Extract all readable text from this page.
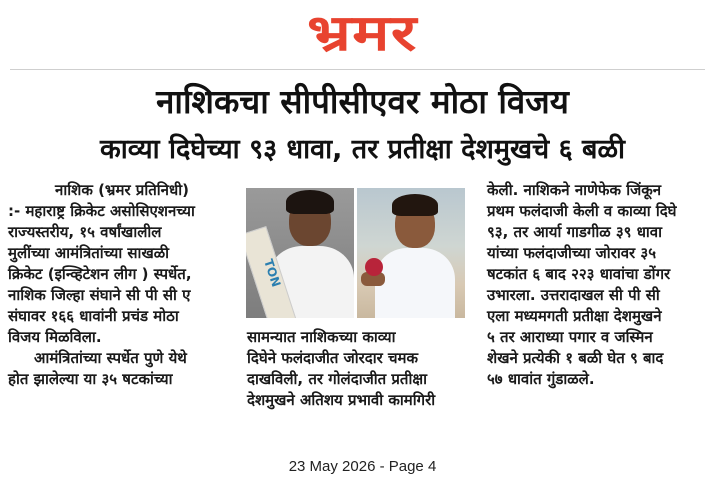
भ्रमर
नाशिकचा सीपीसीएवर मोठा विजय
काव्या दिघेच्या ९३ धावा, तर प्रतीक्षा देशमुखचे ६ बळी

नाशिक (भ्रमर प्रतिनिधी)

:- महाराष्ट्र क्रिकेट असोसिएशनच्या

राज्यस्तरीय, १५ वर्षांखालील

मुलींच्या आमंत्रितांच्या साखळी

क्रिकेट (इन्व्हिटेशन लीग ) स्पर्धेत,

नाशिक जिल्हा संघाने सी पी सी ए

संघावर १६६ धावांनी प्रचंड मोठा

विजय मिळविला.

आमंत्रितांच्या स्पर्धेत पुणे येथे

होत झालेल्या या ३५ षटकांच्या

TON

सामन्यात नाशिकच्या काव्या

दिघेने फलंदाजीत जोरदार चमक

दाखविली, तर गोलंदाजीत प्रतीक्षा

देशमुखने अतिशय प्रभावी कामगिरी

केली. नाशिकने नाणेफेक जिंकून

प्रथम फलंदाजी केली व काव्या दिघे

९३, तर आर्या गाडगीळ ३९ धावा

यांच्या फलंदाजीच्या जोरावर ३५

षटकांत ६ बाद २२३ धावांचा डोंगर

उभारला. उत्तरादाखल सी पी सी

एला मध्यमगती प्रतीक्षा देशमुखने

५ तर आराध्या पगार व जस्मिन

शेखने प्रत्येकी १ बळी घेत ९ बाद

५७ धावांत गुंडाळले.

23 May 2026 - Page 4
